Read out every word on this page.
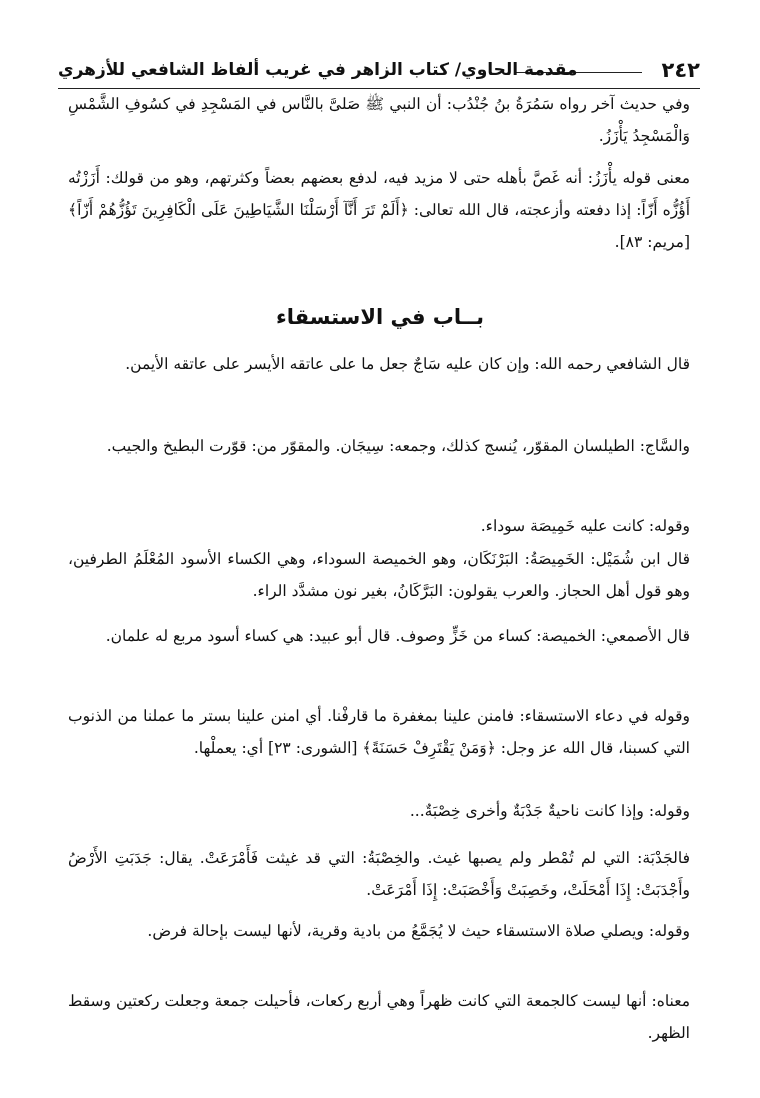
٢٤٢
مقدمة الحاوي/ كتاب الزاهر في غريب ألفاظ الشافعي للأزهري

وفي حديث آخر رواه سَمُرَةُ بنُ جُنْدُب: أن النبي ﷺ صَلىَّ بالنَّاس في المَسْجِدِ في كسُوفِ الشَّمْسِ وَالْمَسْجِدُ يَأْزَزُ.

معنى قوله يأْزَزُ: أنه غَصَّ بأهله حتى لا مزيد فيه، لدفع بعضهم بعضاً وكثرتهم، وهو من قولك: أَزَزْتُه أَؤُزُّه أَزّاً: إذا دفعته وأزعجته، قال الله تعالى: ﴿أَلَمْ تَرَ أَنَّآ أَرْسَلْنَا الشَّيَاطِينَ عَلَى الْكَافِرِينَ تَؤُزُّهُمْ أَزّاً﴾ [مريم: ٨٣].

بــاب في الاستسقاء

قال الشافعي رحمه الله: وإن كان عليه سَاجٌ جعل ما على عاتقه الأيسر على عاتقه الأيمن.

والسَّاج: الطيلسان المقوّر، يُنسج كذلك، وجمعه: سِيجَان. والمقوّر من: قوّرت البطيخ والجيب.

وقوله: كانت عليه خَمِيصَة سوداء.

قال ابن شُمَيْل: الخَمِيصَةُ: البَرْنَكَان، وهو الخميصة السوداء، وهي الكساء الأسود المُعْلَمُ الطرفين، وهو قول أهل الحجاز. والعرب يقولون: البَرَّكَانُ، بغير نون مشدَّد الراء.

قال الأصمعي: الخميصة: كساء من خَزٍّ وصوف. قال أبو عبيد: هي كساء أسود مربع له علمان.

وقوله في دعاء الاستسقاء: فامنن علينا بمغفرة ما قارفْنا. أي امنن علينا بستر ما عملنا من الذنوب التي كسبنا، قال الله عز وجل: ﴿وَمَنْ يَقْتَرِفْ حَسَنَةً﴾ [الشورى: ٢٣] أي: يعملْها.

وقوله: وإذا كانت ناحيةٌ جَدْبَةٌ وأخرى خِصْبَةٌ...

فالجَدْبَة: التي لم تُمْطر ولم يصبها غيث. والخِصْبَةُ: التي قد غيثت فَأَمْرَعَتْ. يقال: جَدَبَتِ الأَرْضُ وأَجْدَبَتْ: إِذَا أَمْحَلَتْ، وخَصِبَتْ وَأَخْصَبَتْ: إِذَا أَمْرَعَتْ.

وقوله: ويصلي صلاة الاستسقاء حيث لا يُجَمَّعُ من بادية وقرية، لأنها ليست بإحالة فرض.

معناه: أنها ليست كالجمعة التي كانت ظهراً وهي أربع ركعات، فأحيلت جمعة وجعلت ركعتين وسقط الظهر.
